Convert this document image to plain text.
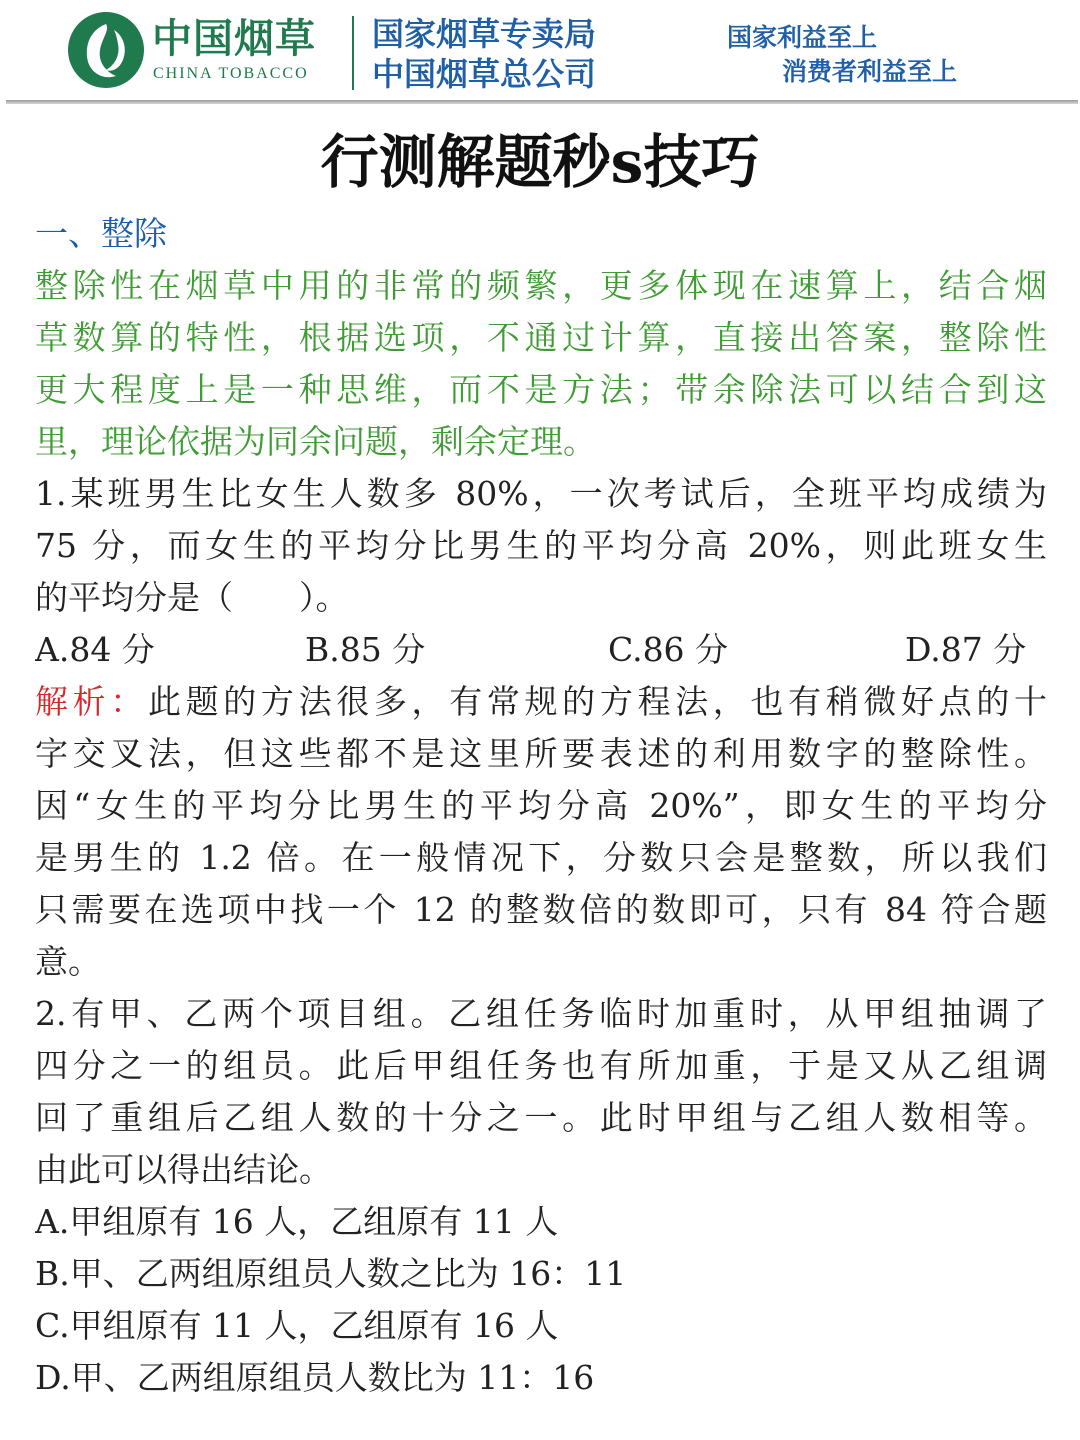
中国烟草
CHINA TOBACCO
国家烟草专卖局
中国烟草总公司
国家利益至上
消费者利益至上
行测解题秒s技巧
一、整除
整除性在烟草中用的非常的频繁，更多体现在速算上，结合烟
草数算的特性，根据选项，不通过计算，直接出答案，整除性
更大程度上是一种思维，而不是方法；带余除法可以结合到这
里，理论依据为同余问题，剩余定理。
1.某班男生比女生人数多 80%，一次考试后，全班平均成绩为
75 分，而女生的平均分比男生的平均分高 20%，则此班女生
的平均分是（　　）。
A.84 分	B.85 分	C.86 分	D.87 分
解析：此题的方法很多，有常规的方程法，也有稍微好点的十
字交叉法，但这些都不是这里所要表述的利用数字的整除性。
因“女生的平均分比男生的平均分高 20%”，即女生的平均分
是男生的 1.2 倍。在一般情况下，分数只会是整数，所以我们
只需要在选项中找一个 12 的整数倍的数即可，只有 84 符合题
意。
2.有甲、乙两个项目组。乙组任务临时加重时，从甲组抽调了
四分之一的组员。此后甲组任务也有所加重，于是又从乙组调
回了重组后乙组人数的十分之一。此时甲组与乙组人数相等。
由此可以得出结论。
A.甲组原有 16 人，乙组原有 11 人
B.甲、乙两组原组员人数之比为 16：11
C.甲组原有 11 人，乙组原有 16 人
D.甲、乙两组原组员人数比为 11：16
